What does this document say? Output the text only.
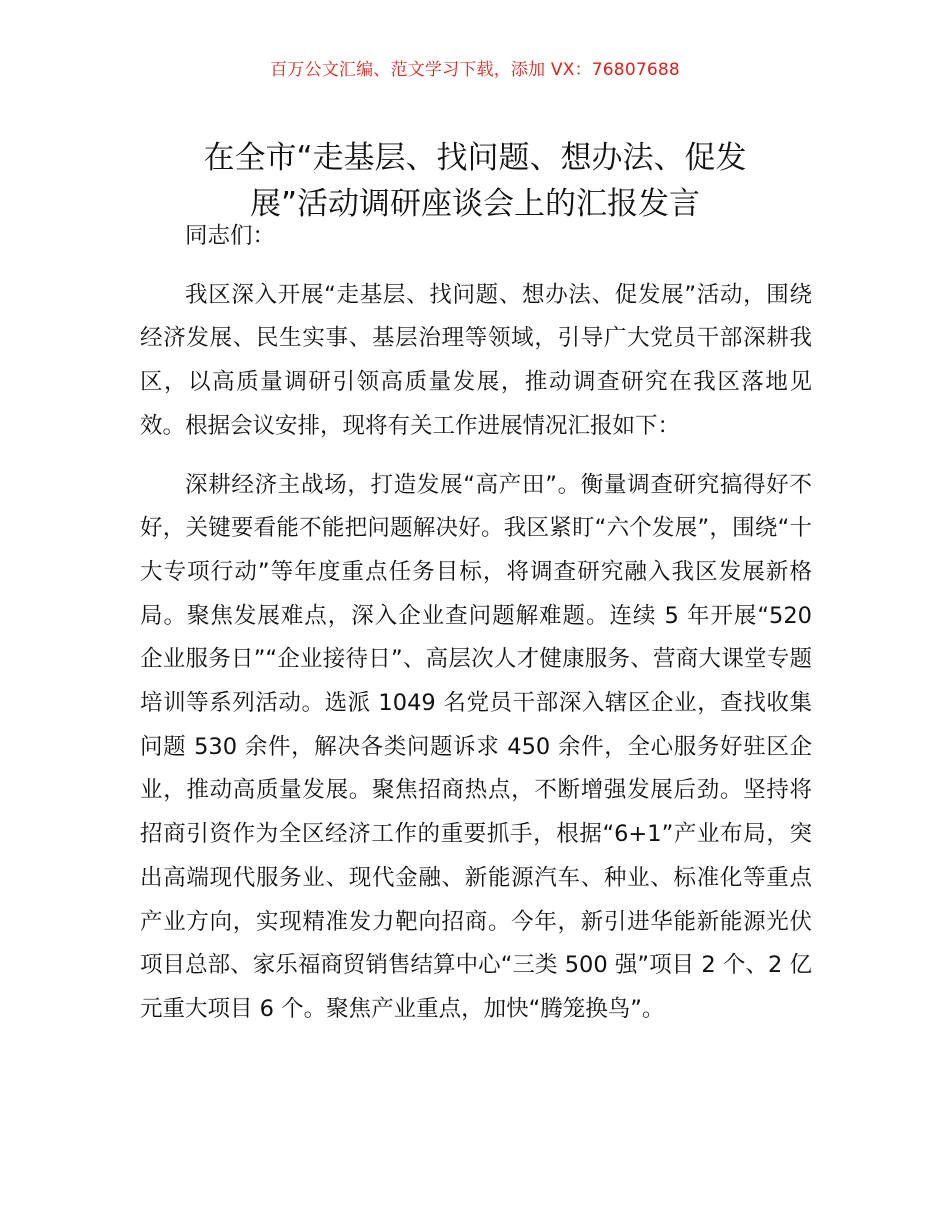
百万公文汇编、范文学习下载，添加 VX：76807688
在全市“走基层、找问题、想办法、促发
展”活动调研座谈会上的汇报发言

同志们：

我区深入开展“走基层、找问题、想办法、促发展”活动，围绕经济发展、民生实事、基层治理等领域，引导广大党员干部深耕我区，以高质量调研引领高质量发展，推动调查研究在我区落地见效。根据会议安排，现将有关工作进展情况汇报如下：

深耕经济主战场，打造发展“高产田”。衡量调查研究搞得好不好，关键要看能不能把问题解决好。我区紧盯“六个发展”，围绕“十大专项行动”等年度重点任务目标，将调查研究融入我区发展新格局。聚焦发展难点，深入企业查问题解难题。连续 5 年开展“520 企业服务日”“企业接待日”、高层次人才健康服务、营商大课堂专题培训等系列活动。选派 1049 名党员干部深入辖区企业，查找收集问题 530 余件，解决各类问题诉求 450 余件，全心服务好驻区企业，推动高质量发展。聚焦招商热点，不断增强发展后劲。坚持将招商引资作为全区经济工作的重要抓手，根据“6+1”产业布局，突出高端现代服务业、现代金融、新能源汽车、种业、标准化等重点产业方向，实现精准发力靶向招商。今年，新引进华能新能源光伏项目总部、家乐福商贸销售结算中心“三类 500 强”项目 2 个、2 亿元重大项目 6 个。聚焦产业重点，加快“腾笼换鸟”。
